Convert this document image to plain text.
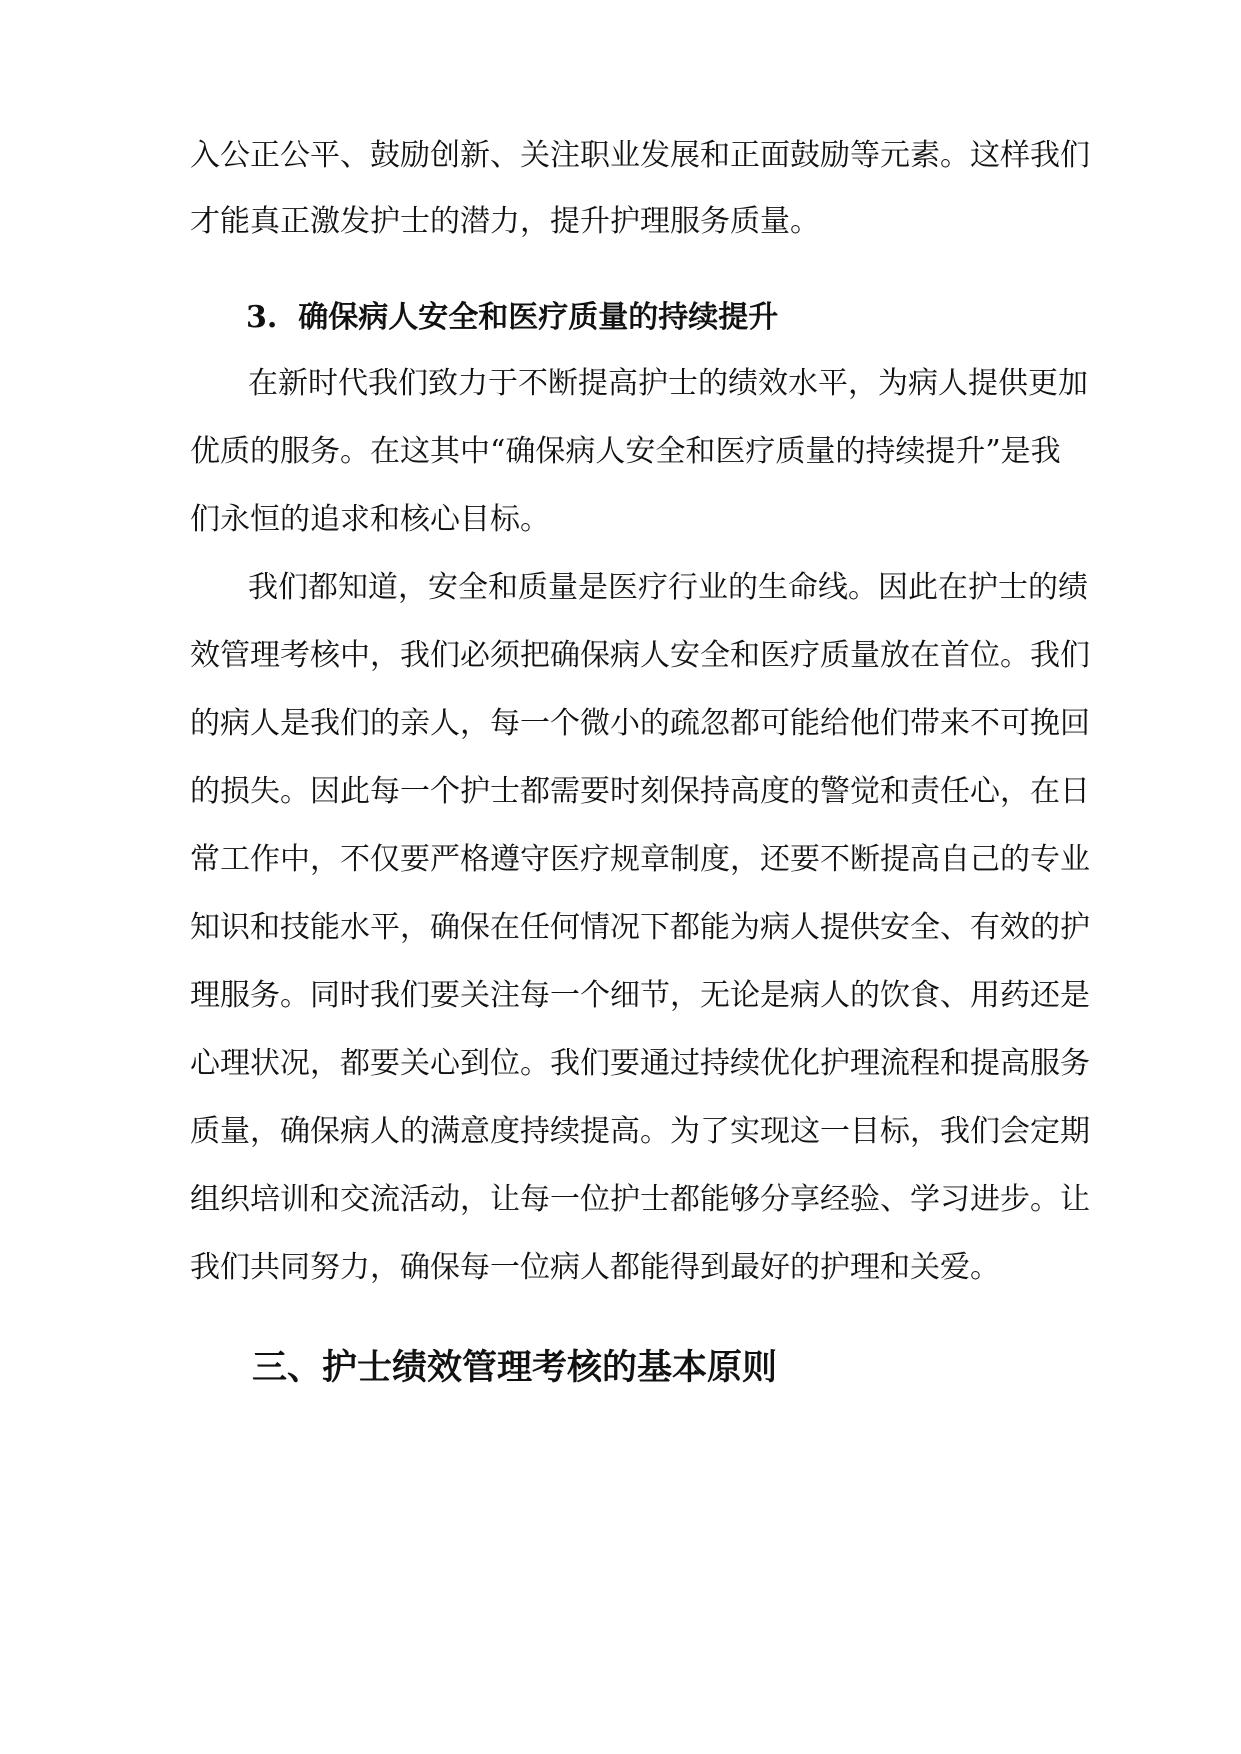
入公正公平、鼓励创新、关注职业发展和正面鼓励等元素。这样我们
才能真正激发护士的潜力，提升护理服务质量。
3. 确保病人安全和医疗质量的持续提升
在新时代我们致力于不断提高护士的绩效水平，为病人提供更加
优质的服务。在这其中“确保病人安全和医疗质量的持续提升”是我
们永恒的追求和核心目标。
我们都知道，安全和质量是医疗行业的生命线。因此在护士的绩
效管理考核中，我们必须把确保病人安全和医疗质量放在首位。我们
的病人是我们的亲人，每一个微小的疏忽都可能给他们带来不可挽回
的损失。因此每一个护士都需要时刻保持高度的警觉和责任心，在日
常工作中，不仅要严格遵守医疗规章制度，还要不断提高自己的专业
知识和技能水平，确保在任何情况下都能为病人提供安全、有效的护
理服务。同时我们要关注每一个细节，无论是病人的饮食、用药还是
心理状况，都要关心到位。我们要通过持续优化护理流程和提高服务
质量，确保病人的满意度持续提高。为了实现这一目标，我们会定期
组织培训和交流活动，让每一位护士都能够分享经验、学习进步。让
我们共同努力，确保每一位病人都能得到最好的护理和关爱。
三、护士绩效管理考核的基本原则
